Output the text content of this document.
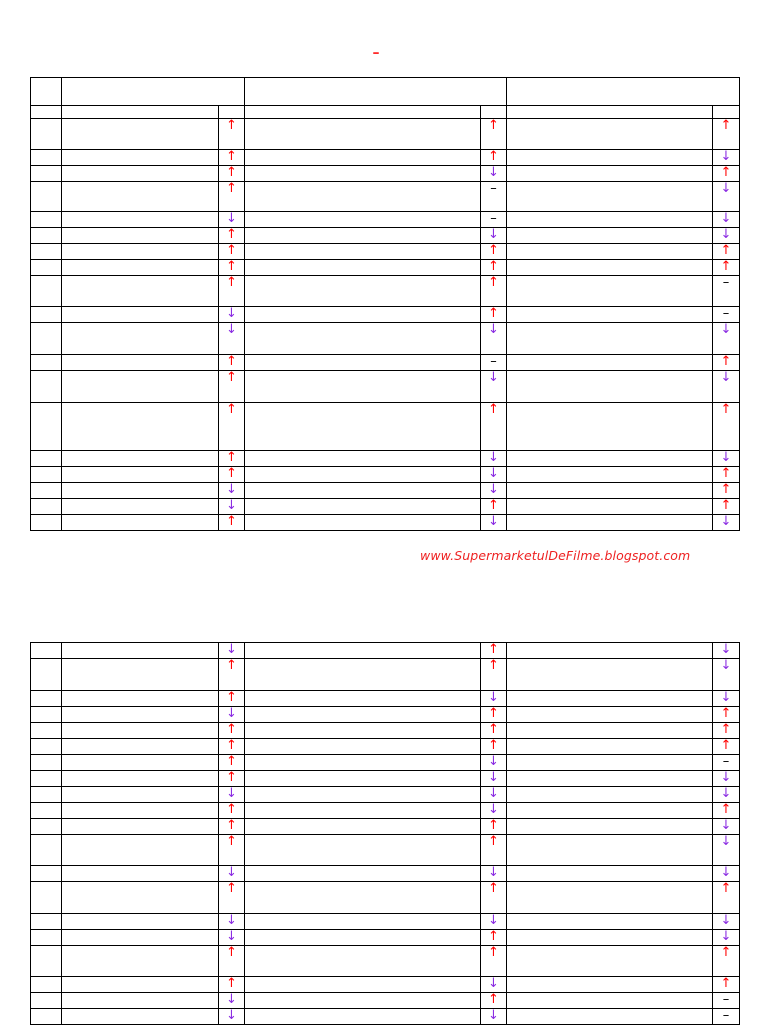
–

		↑		↑		↑
		↑		↑		↓
		↑		↓		↑
		↑		–		↓
		↓		–		↓
		↑		↓		↓
		↑		↑		↑
		↑		↑		↑
		↑		↑		–
		↓		↑		–
		↓		↓		↓
		↑		–		↑
		↑		↓		↓
		↑		↑		↑
		↑		↓		↓
		↑		↓		↑
		↓		↓		↑
		↓		↑		↑
		↑		↓		↓
www.SupermarketulDeFilme.blogspot.com
		↓		↑		↓
		↑		↑		↓
		↑		↓		↓
		↓		↑		↑
		↑		↑		↑
		↑		↑		↑
		↑		↓		–
		↑		↓		↓
		↓		↓		↓
		↑		↓		↑
		↑		↑		↓
		↑		↑		↓
		↓		↓		↓
		↑		↑		↑
		↓		↓		↓
		↓		↑		↓
		↑		↑		↑
		↑		↓		↑
		↓		↑		–
		↓		↓		–
